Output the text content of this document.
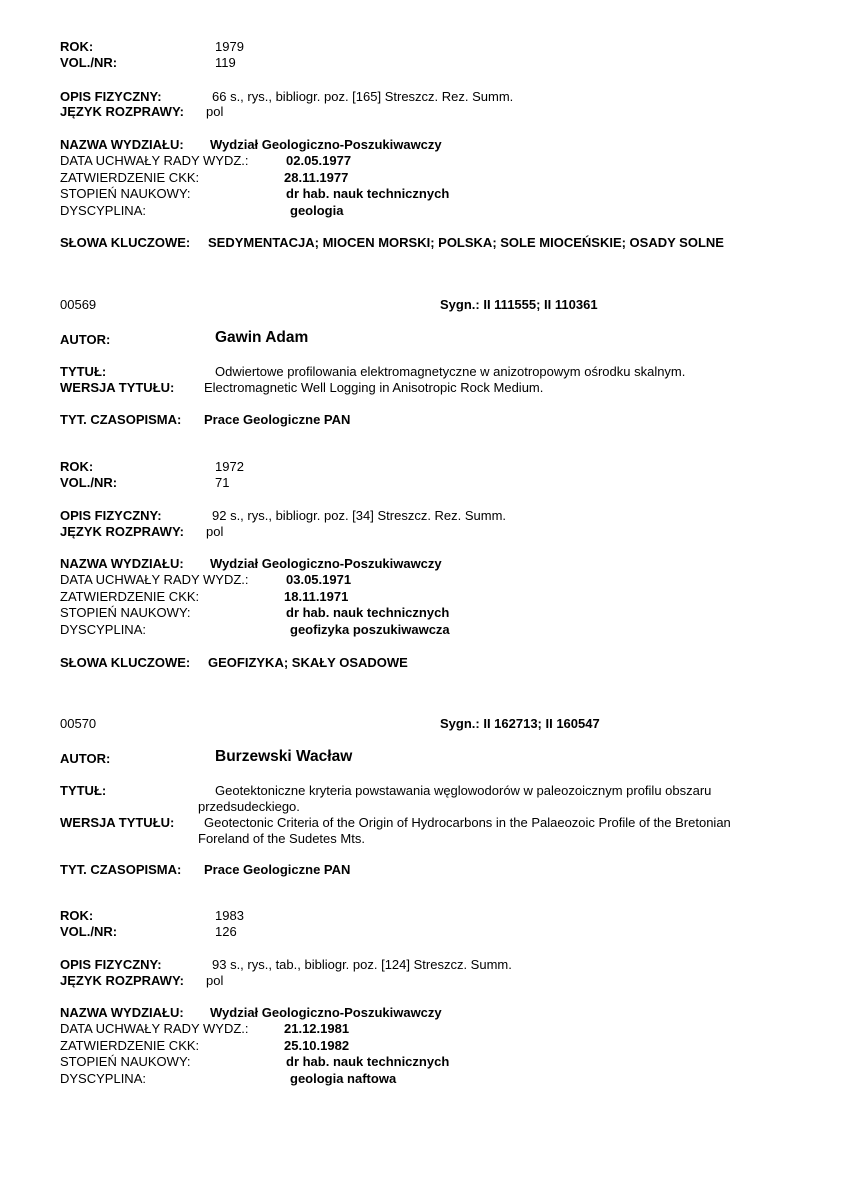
ROK:	1979
VOL./NR:	119
OPIS FIZYCZNY:	66 s., rys., bibliogr. poz. [165] Streszcz. Rez. Summ.
JĘZYK ROZPRAWY: pol
NAZWA WYDZIAŁU: Wydział Geologiczno-Poszukiwawczy
DATA UCHWAŁY RADY WYDZ.:	02.05.1977
ZATWIERDZENIE CKK:	28.11.1977
STOPIEŃ NAUKOWY:	dr hab. nauk technicznych
DYSCYPLINA:	geologia
SŁOWA KLUCZOWE: SEDYMENTACJA; MIOCEN MORSKI; POLSKA; SOLE MIOCEŃSKIE; OSADY SOLNE
00569	Sygn.: II 111555; II 110361
AUTOR:	Gawin Adam
TYTUŁ:	Odwiertowe profilowania elektromagnetyczne w anizotropowym ośrodku skalnym.
WERSJA TYTUŁU: Electromagnetic Well Logging in Anisotropic Rock Medium.
TYT. CZASOPISMA: Prace Geologiczne PAN
ROK:	1972
VOL./NR:	71
OPIS FIZYCZNY:	92 s., rys., bibliogr. poz. [34] Streszcz. Rez. Summ.
JĘZYK ROZPRAWY: pol
NAZWA WYDZIAŁU: Wydział Geologiczno-Poszukiwawczy
DATA UCHWAŁY RADY WYDZ.:	03.05.1971
ZATWIERDZENIE CKK:	18.11.1971
STOPIEŃ NAUKOWY:	dr hab. nauk technicznych
DYSCYPLINA:	geofizyka poszukiwawcza
SŁOWA KLUCZOWE: GEOFIZYKA; SKAŁY OSADOWE
00570	Sygn.: II 162713; II 160547
AUTOR:	Burzewski Wacław
TYTUŁ:	Geotektoniczne kryteria powstawania węglowodorów w paleozoicznym profilu obszaru
przedsudeckiego.
WERSJA TYTUŁU: Geotectonic Criteria of the Origin of Hydrocarbons in the Palaeozoic Profile of the Bretonian
Foreland of the Sudetes Mts.
TYT. CZASOPISMA: Prace Geologiczne PAN
ROK:	1983
VOL./NR:	126
OPIS FIZYCZNY:	93 s., rys., tab., bibliogr. poz. [124] Streszcz. Summ.
JĘZYK ROZPRAWY: pol
NAZWA WYDZIAŁU: Wydział Geologiczno-Poszukiwawczy
DATA UCHWAŁY RADY WYDZ.:	21.12.1981
ZATWIERDZENIE CKK:	25.10.1982
STOPIEŃ NAUKOWY:	dr hab. nauk technicznych
DYSCYPLINA:	geologia naftowa
